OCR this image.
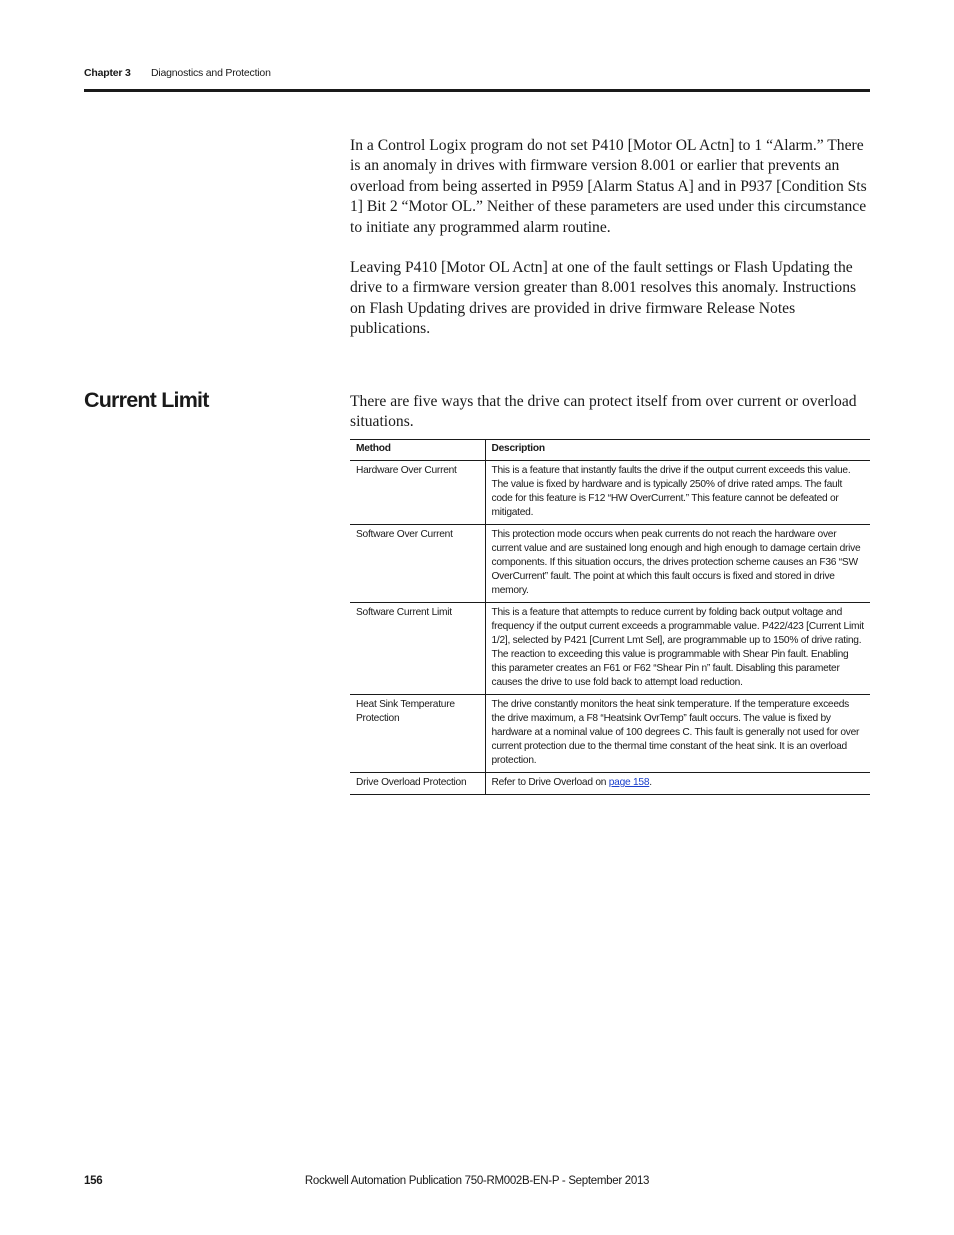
Chapter 3 Diagnostics and Protection

In a Control Logix program do not set P410 [Motor OL Actn] to 1 “Alarm.” There is an anomaly in drives with firmware version 8.001 or earlier that prevents an overload from being asserted in P959 [Alarm Status A] and in P937 [Condition Sts 1] Bit 2 “Motor OL.” Neither of these parameters are used under this circumstance to initiate any programmed alarm routine.

Leaving P410 [Motor OL Actn] at one of the fault settings or Flash Updating the drive to a firmware version greater than 8.001 resolves this anomaly. Instructions on Flash Updating drives are provided in drive firmware Release Notes publications.

Current Limit	There are five ways that the drive can protect itself from over current or overload situations.

Method	Description
Hardware Over Current	This is a feature that instantly faults the drive if the output current exceeds this value. The value is fixed by hardware and is typically 250% of drive rated amps. The fault code for this feature is F12 “HW OverCurrent.” This feature cannot be defeated or mitigated.
Software Over Current	This protection mode occurs when peak currents do not reach the hardware over current value and are sustained long enough and high enough to damage certain drive components. If this situation occurs, the drives protection scheme causes an F36 “SW OverCurrent” fault. The point at which this fault occurs is fixed and stored in drive memory.
Software Current Limit	This is a feature that attempts to reduce current by folding back output voltage and frequency if the output current exceeds a programmable value. P422/423 [Current Limit 1/2], selected by P421 [Current Lmt Sel], are programmable up to 150% of drive rating. The reaction to exceeding this value is programmable with Shear Pin fault. Enabling this parameter creates an F61 or F62 “Shear Pin n” fault. Disabling this parameter causes the drive to use fold back to attempt load reduction.
Heat Sink Temperature Protection	The drive constantly monitors the heat sink temperature. If the temperature exceeds the drive maximum, a F8 “Heatsink OvrTemp” fault occurs. The value is fixed by hardware at a nominal value of 100 degrees C. This fault is generally not used for over current protection due to the thermal time constant of the heat sink. It is an overload protection.
Drive Overload Protection	Refer to Drive Overload on page 158.
156	Rockwell Automation Publication 750-RM002B-EN-P - September 2013
